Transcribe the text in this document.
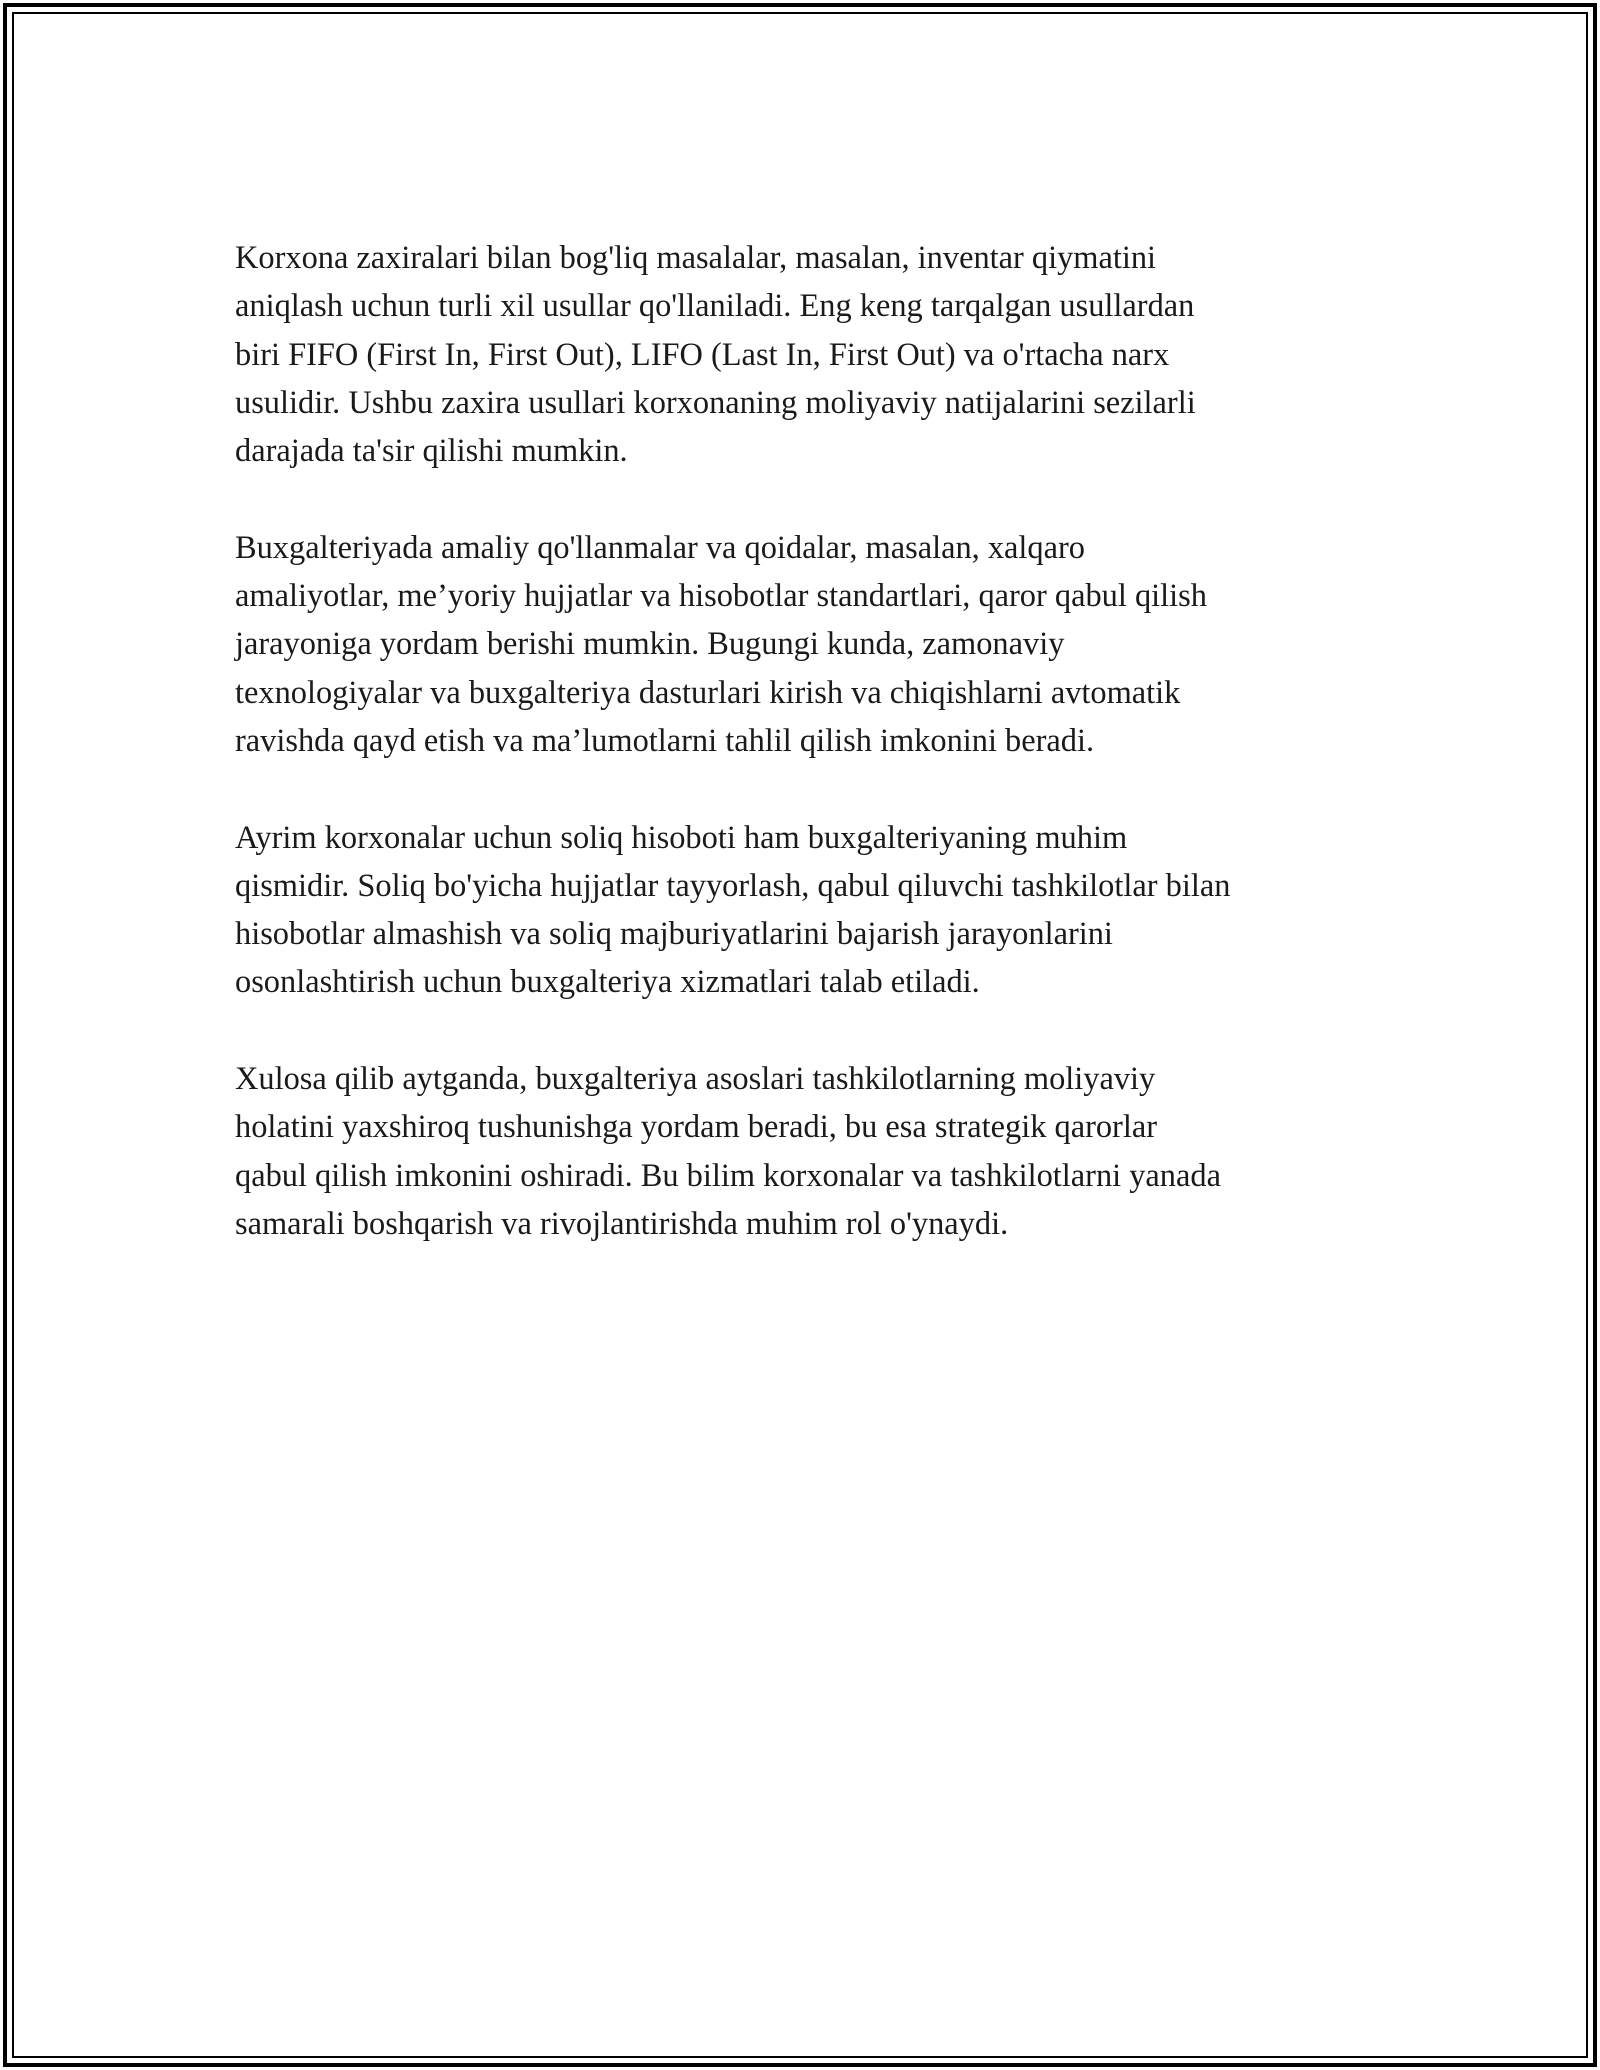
Korxona zaxiralari bilan bog'liq masalalar, masalan, inventar qiymatini
aniqlash uchun turli xil usullar qo'llaniladi. Eng keng tarqalgan usullardan
biri FIFO (First In, First Out), LIFO (Last In, First Out) va o'rtacha narx
usulidir. Ushbu zaxira usullari korxonaning moliyaviy natijalarini sezilarli
darajada ta'sir qilishi mumkin.

Buxgalteriyada amaliy qo'llanmalar va qoidalar, masalan, xalqaro
amaliyotlar, me’yoriy hujjatlar va hisobotlar standartlari, qaror qabul qilish
jarayoniga yordam berishi mumkin. Bugungi kunda, zamonaviy
texnologiyalar va buxgalteriya dasturlari kirish va chiqishlarni avtomatik
ravishda qayd etish va ma’lumotlarni tahlil qilish imkonini beradi.

Ayrim korxonalar uchun soliq hisoboti ham buxgalteriyaning muhim
qismidir. Soliq bo'yicha hujjatlar tayyorlash, qabul qiluvchi tashkilotlar bilan
hisobotlar almashish va soliq majburiyatlarini bajarish jarayonlarini
osonlashtirish uchun buxgalteriya xizmatlari talab etiladi.

Xulosa qilib aytganda, buxgalteriya asoslari tashkilotlarning moliyaviy
holatini yaxshiroq tushunishga yordam beradi, bu esa strategik qarorlar
qabul qilish imkonini oshiradi. Bu bilim korxonalar va tashkilotlarni yanada
samarali boshqarish va rivojlantirishda muhim rol o'ynaydi.
